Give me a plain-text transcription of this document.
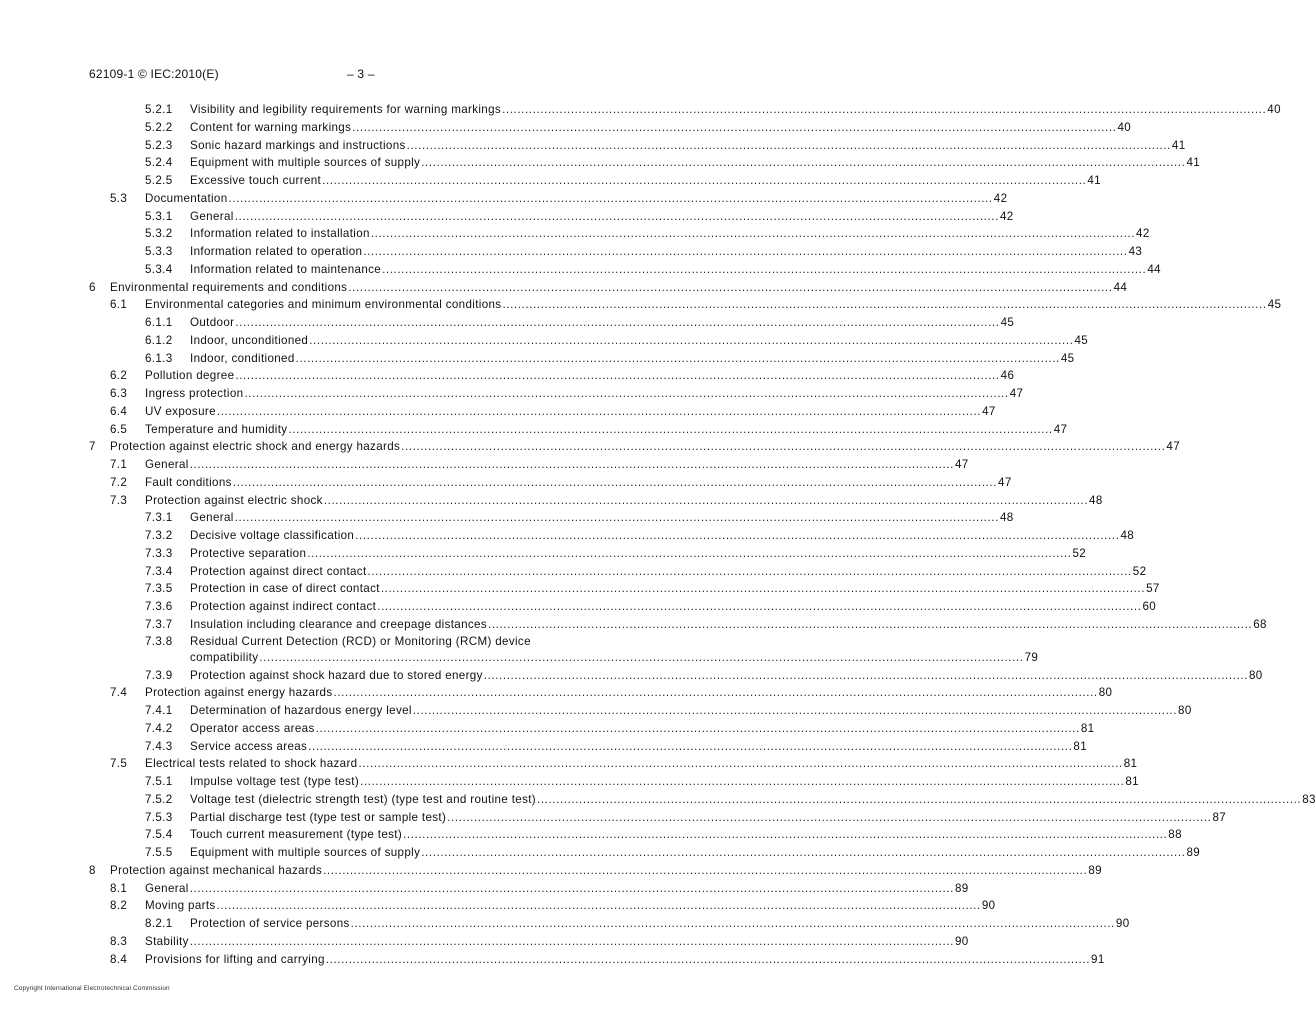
62109-1 © IEC:2010(E)	– 3 –
5.2.1 Visibility and legibility requirements for warning markings ........................................................................................................................................................................................................ 40
5.2.2 Content for warning markings ........................................................................................................................................................................................................ 40
5.2.3 Sonic hazard markings and instructions ........................................................................................................................................................................................................ 41
5.2.4 Equipment with multiple sources of supply ........................................................................................................................................................................................................ 41
5.2.5 Excessive touch current ........................................................................................................................................................................................................ 41
5.3 Documentation ........................................................................................................................................................................................................ 42
5.3.1 General ........................................................................................................................................................................................................ 42
5.3.2 Information related to installation ........................................................................................................................................................................................................ 42
5.3.3 Information related to operation ........................................................................................................................................................................................................ 43
5.3.4 Information related to maintenance ........................................................................................................................................................................................................ 44
6 Environmental requirements and conditions ........................................................................................................................................................................................................ 44
6.1 Environmental categories and minimum environmental conditions ........................................................................................................................................................................................................ 45
6.1.1 Outdoor ........................................................................................................................................................................................................ 45
6.1.2 Indoor, unconditioned ........................................................................................................................................................................................................ 45
6.1.3 Indoor, conditioned ........................................................................................................................................................................................................ 45
6.2 Pollution degree ........................................................................................................................................................................................................ 46
6.3 Ingress protection ........................................................................................................................................................................................................ 47
6.4 UV exposure ........................................................................................................................................................................................................ 47
6.5 Temperature and humidity ........................................................................................................................................................................................................ 47
7 Protection against electric shock and energy hazards ........................................................................................................................................................................................................ 47
7.1 General ........................................................................................................................................................................................................ 47
7.2 Fault conditions ........................................................................................................................................................................................................ 47
7.3 Protection against electric shock ........................................................................................................................................................................................................ 48
7.3.1 General ........................................................................................................................................................................................................ 48
7.3.2 Decisive voltage classification ........................................................................................................................................................................................................ 48
7.3.3 Protective separation ........................................................................................................................................................................................................ 52
7.3.4 Protection against direct contact ........................................................................................................................................................................................................ 52
7.3.5 Protection in case of direct contact ........................................................................................................................................................................................................ 57
7.3.6 Protection against indirect contact ........................................................................................................................................................................................................ 60
7.3.7 Insulation including clearance and creepage distances ........................................................................................................................................................................................................ 68
7.3.8 Residual Current Detection (RCD) or Monitoring (RCM) device
compatibility ........................................................................................................................................................................................................ 79
7.3.9 Protection against shock hazard due to stored energy ........................................................................................................................................................................................................ 80
7.4 Protection against energy hazards ........................................................................................................................................................................................................ 80
7.4.1 Determination of hazardous energy level ........................................................................................................................................................................................................ 80
7.4.2 Operator access areas ........................................................................................................................................................................................................ 81
7.4.3 Service access areas ........................................................................................................................................................................................................ 81
7.5 Electrical tests related to shock hazard ........................................................................................................................................................................................................ 81
7.5.1 Impulse voltage test (type test) ........................................................................................................................................................................................................ 81
7.5.2 Voltage test (dielectric strength test) (type test and routine test) ........................................................................................................................................................................................................ 83
7.5.3 Partial discharge test (type test or sample test) ........................................................................................................................................................................................................ 87
7.5.4 Touch current measurement (type test) ........................................................................................................................................................................................................ 88
7.5.5 Equipment with multiple sources of supply ........................................................................................................................................................................................................ 89
8 Protection against mechanical hazards ........................................................................................................................................................................................................ 89
8.1 General ........................................................................................................................................................................................................ 89
8.2 Moving parts ........................................................................................................................................................................................................ 90
8.2.1 Protection of service persons ........................................................................................................................................................................................................ 90
8.3 Stability ........................................................................................................................................................................................................ 90
8.4 Provisions for lifting and carrying ........................................................................................................................................................................................................ 91
Copyright International Electrotechnical Commission
